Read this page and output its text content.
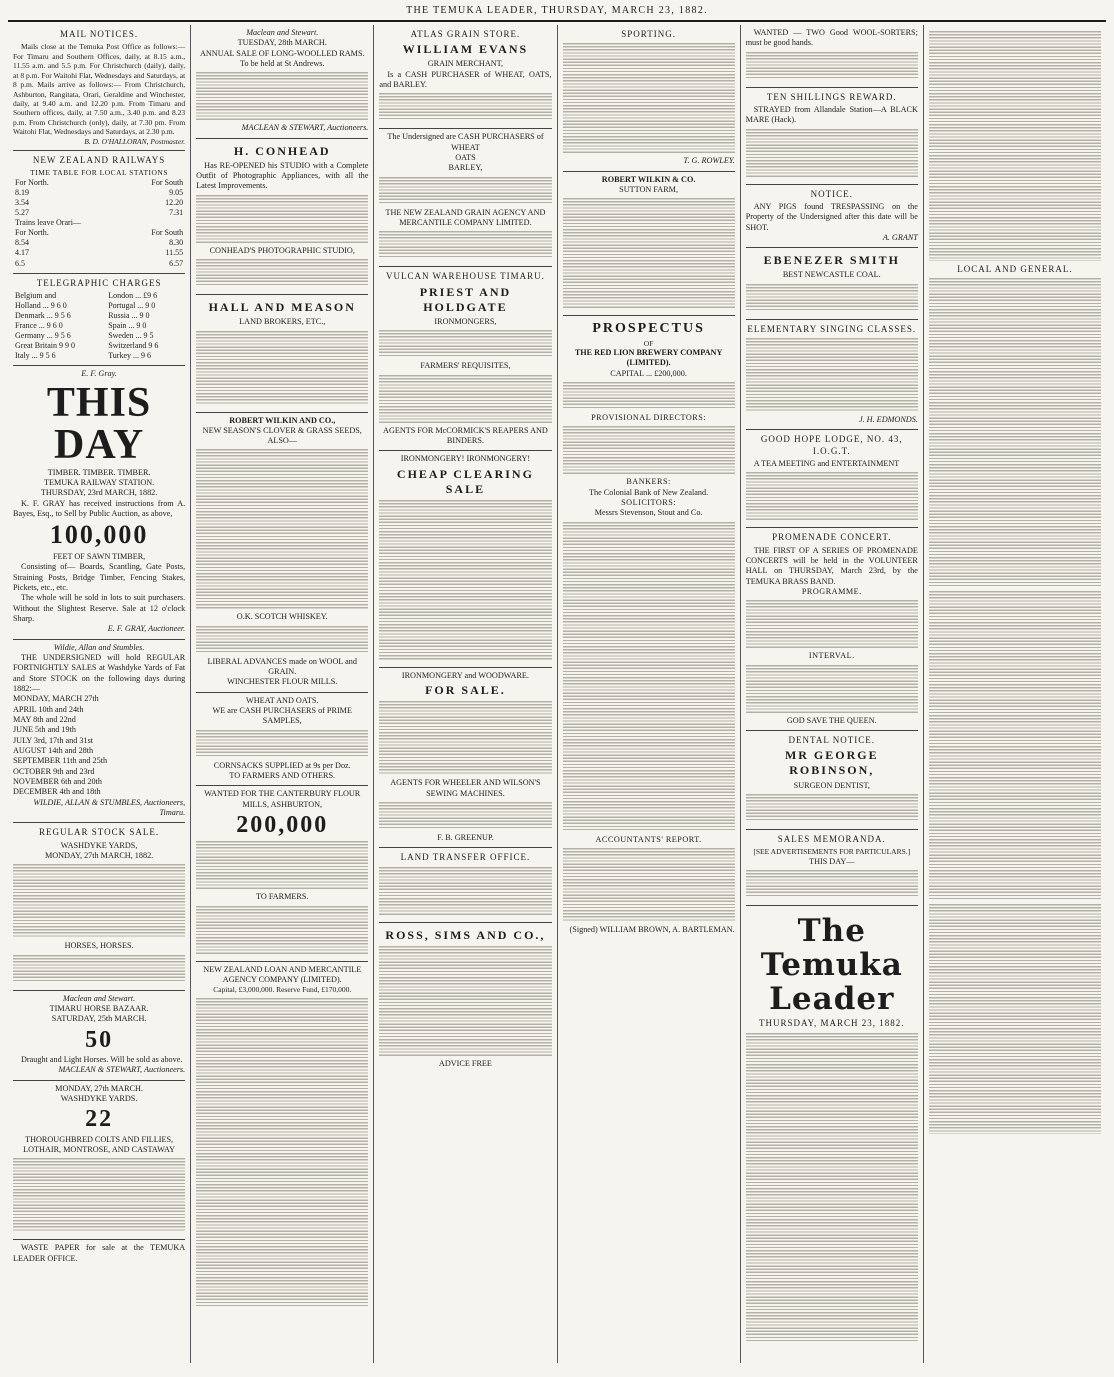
THE TEMUKA LEADER, THURSDAY, MARCH 23, 1882.
MAIL NOTICES.

Mails close at the Temuka Post Office as follows:— For Timaru and Southern Offices, daily, at 8.15 a.m., 11.55 a.m. and 5.5 p.m. For Christchurch (daily), daily, at 8 p.m. For Waitohi Flat, Wednesdays and Saturdays, at 8 p.m. Mails arrive as follows:— From Christchurch, Ashburton, Rangitata, Orari, Geraldine and Winchester, daily, at 9.40 a.m. and 12.20 p.m. From Timaru and Southern offices, daily, at 7.50 a.m., 3.40 p.m. and 8.23 p.m. From Christchurch (only), daily, at 7.30 pm. From Waitohi Flat, Wednesdays and Saturdays, at 2.30 p.m.

B. D. O'HALLORAN, Postmaster.
NEW ZEALAND RAILWAYS
TIME TABLE FOR LOCAL STATIONS
For North.	For South
8.19	9.05
3.54	12.20
5.27	7.31
Trains leave Orari—	
For North.	For South
8.54	8.30
4.17	11.55
6.5	6.57
TELEGRAPHIC CHARGES
Belgium and	London ... £9 6
Holland ... 9 6 0	Portugal ... 9 0
Denmark ... 9 5 6	Russia ... 9 0
France ... 9 6 0	Spain ... 9 0
Germany ... 9 5 6	Sweden ... 9 5
Great Britain 9 9 0	Switzerland 9 6
Italy ... 9 5 6	Turkey ... 9 6
E. F. Gray.
THIS DAY
TIMBER. TIMBER. TIMBER.
TEMUKA RAILWAY STATION.
THURSDAY, 23rd MARCH, 1882.

K. F. GRAY has received instructions from A. Bayes, Esq., to Sell by Public Auction, as above,

100,000
FEET OF SAWN TIMBER,

Consisting of— Boards, Scantling, Gate Posts, Straining Posts, Bridge Timber, Fencing Stakes, Pickets, etc., etc.

The whole will be sold in lots to suit purchasers. Without the Slightest Reserve. Sale at 12 o'clock Sharp.

E. F. GRAY, Auctioneer.
Wildie, Allan and Stumbles.

THE UNDERSIGNED will hold REGULAR FORTNIGHTLY SALES at Washdyke Yards of Fat and Store STOCK on the following days during 1882:—

MONDAY, MARCH 27th
APRIL 10th and 24th
MAY 8th and 22nd
JUNE 5th and 19th
JULY 3rd, 17th and 31st
AUGUST 14th and 28th
SEPTEMBER 11th and 25th
OCTOBER 9th and 23rd
NOVEMBER 6th and 20th
DECEMBER 4th and 18th
WILDIE, ALLAN & STUMBLES, Auctioneers, Timaru.
REGULAR STOCK SALE.
WASHDYKE YARDS,
MONDAY, 27th MARCH, 1882.
HORSES, HORSES.
Maclean and Stewart.
TIMARU HORSE BAZAAR.
SATURDAY, 25th MARCH.
50

Draught and Light Horses. Will be sold as above.

MACLEAN & STEWART, Auctioneers.
MONDAY, 27th MARCH.
WASHDYKE YARDS.
22
THOROUGHBRED COLTS AND FILLIES,
LOTHAIR, MONTROSE, AND CASTAWAY

WASTE PAPER for sale at the TEMUKA LEADER OFFICE.

Maclean and Stewart.
TUESDAY, 28th MARCH.
ANNUAL SALE OF LONG-WOOLLED RAMS.
To be held at St Andrews.
MACLEAN & STEWART, Auctioneers.
H. CONHEAD

Has RE-OPENED his STUDIO with a Complete Outfit of Photographic Appliances, with all the Latest Improvements.

CONHEAD'S PHOTOGRAPHIC STUDIO,
HALL AND MEASON
LAND BROKERS, ETC.,
ROBERT WILKIN AND CO.,
NEW SEASON'S CLOVER & GRASS SEEDS,
ALSO—
O.K. SCOTCH WHISKEY.
LIBERAL ADVANCES made on WOOL and GRAIN.
WINCHESTER FLOUR MILLS.
WHEAT AND OATS.
WE are CASH PURCHASERS of PRIME SAMPLES,
CORNSACKS SUPPLIED at 9s per Doz.
TO FARMERS AND OTHERS.
WANTED FOR THE CANTERBURY FLOUR MILLS, ASHBURTON,
200,000
TO FARMERS.
NEW ZEALAND LOAN AND MERCANTILE AGENCY COMPANY (LIMITED).
Capital, £3,000,000. Reserve Fund, £170,000.
ATLAS GRAIN STORE.
WILLIAM EVANS
GRAIN MERCHANT,

Is a CASH PURCHASER of WHEAT, OATS, and BARLEY.

The Undersigned are CASH PURCHASERS of

WHEAT
OATS
BARLEY,
THE NEW ZEALAND GRAIN AGENCY AND MERCANTILE COMPANY LIMITED.
VULCAN WAREHOUSE TIMARU.
PRIEST AND HOLDGATE
IRONMONGERS,
FARMERS' REQUISITES,
AGENTS FOR McCORMICK'S REAPERS AND BINDERS.
IRONMONGERY! IRONMONGERY!
CHEAP CLEARING SALE
IRONMONGERY and WOODWARE.
FOR SALE.
AGENTS FOR WHEELER AND WILSON'S SEWING MACHINES.
F. B. GREENUP.
LAND TRANSFER OFFICE.
ROSS, SIMS AND CO.,
ADVICE FREE
SPORTING.
T. G. ROWLEY.
ROBERT WILKIN & CO.
SUTTON FARM,
PROSPECTUS
OF
THE RED LION BREWERY COMPANY (LIMITED).
CAPITAL ... £200,000.
PROVISIONAL DIRECTORS:
BANKERS:
The Colonial Bank of New Zealand.
SOLICITORS:
Messrs Stevenson, Stout and Co.
ACCOUNTANTS' REPORT.
(Signed) WILLIAM BROWN, A. BARTLEMAN.

WANTED — TWO Good WOOL-SORTERS; must be good hands.

TEN SHILLINGS REWARD.

STRAYED from Allandale Station—A BLACK MARE (Hack).

NOTICE.

ANY PIGS found TRESPASSING on the Property of the Undersigned after this date will be SHOT.

A. GRANT
EBENEZER SMITH
BEST NEWCASTLE COAL.
ELEMENTARY SINGING CLASSES.
J. H. EDMONDS.
GOOD HOPE LODGE, NO. 43, I.O.G.T.

A TEA MEETING and ENTERTAINMENT

PROMENADE CONCERT.

THE FIRST OF A SERIES OF PROMENADE CONCERTS will be held in the VOLUNTEER HALL on THURSDAY, March 23rd, by the TEMUKA BRASS BAND.

PROGRAMME.
INTERVAL.
GOD SAVE THE QUEEN.
DENTAL NOTICE.
MR GEORGE ROBINSON,
SURGEON DENTIST,
SALES MEMORANDA.
[SEE ADVERTISEMENTS FOR PARTICULARS.]
THIS DAY—
The Temuka Leader
THURSDAY, MARCH 23, 1882.
LOCAL AND GENERAL.
